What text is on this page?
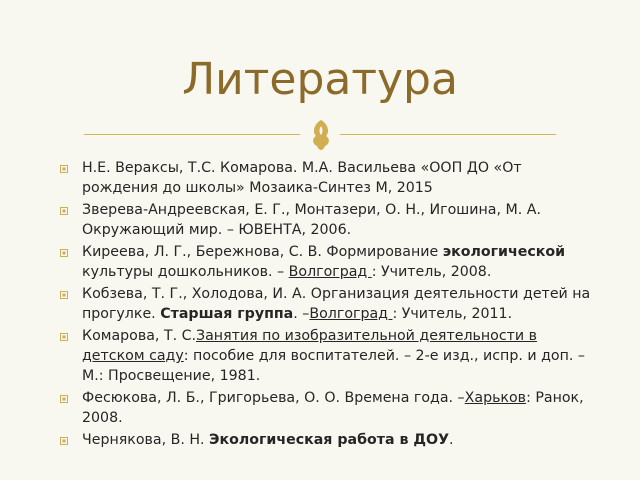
Литература
Н.Е. Вераксы, Т.С. Комарова. М.А. Васильева «ООП ДО «От рождения до школы» Мозаика-Синтез М, 2015
Зверева-Андреевская, Е. Г., Монтазери, О. Н., Игошина, М. А. Окружающий мир. – ЮВЕНТА, 2006.
Киреева, Л. Г., Бережнова, С. В. Формирование экологической культуры дошкольников. – Волгоград : Учитель, 2008.
Кобзева, Т. Г., Холодова, И. А. Организация деятельности детей на прогулке. Старшая группа. –Волгоград : Учитель, 2011.
Комарова, Т. С.Занятия по изобразительной деятельности в детском саду: пособие для воспитателей. – 2-е изд., испр. и доп. – М.: Просвещение, 1981.
Фесюкова, Л. Б., Григорьева, О. О. Времена года. –Харьков: Ранок, 2008.
Чернякова, В. Н. Экологическая работа в ДОУ.
